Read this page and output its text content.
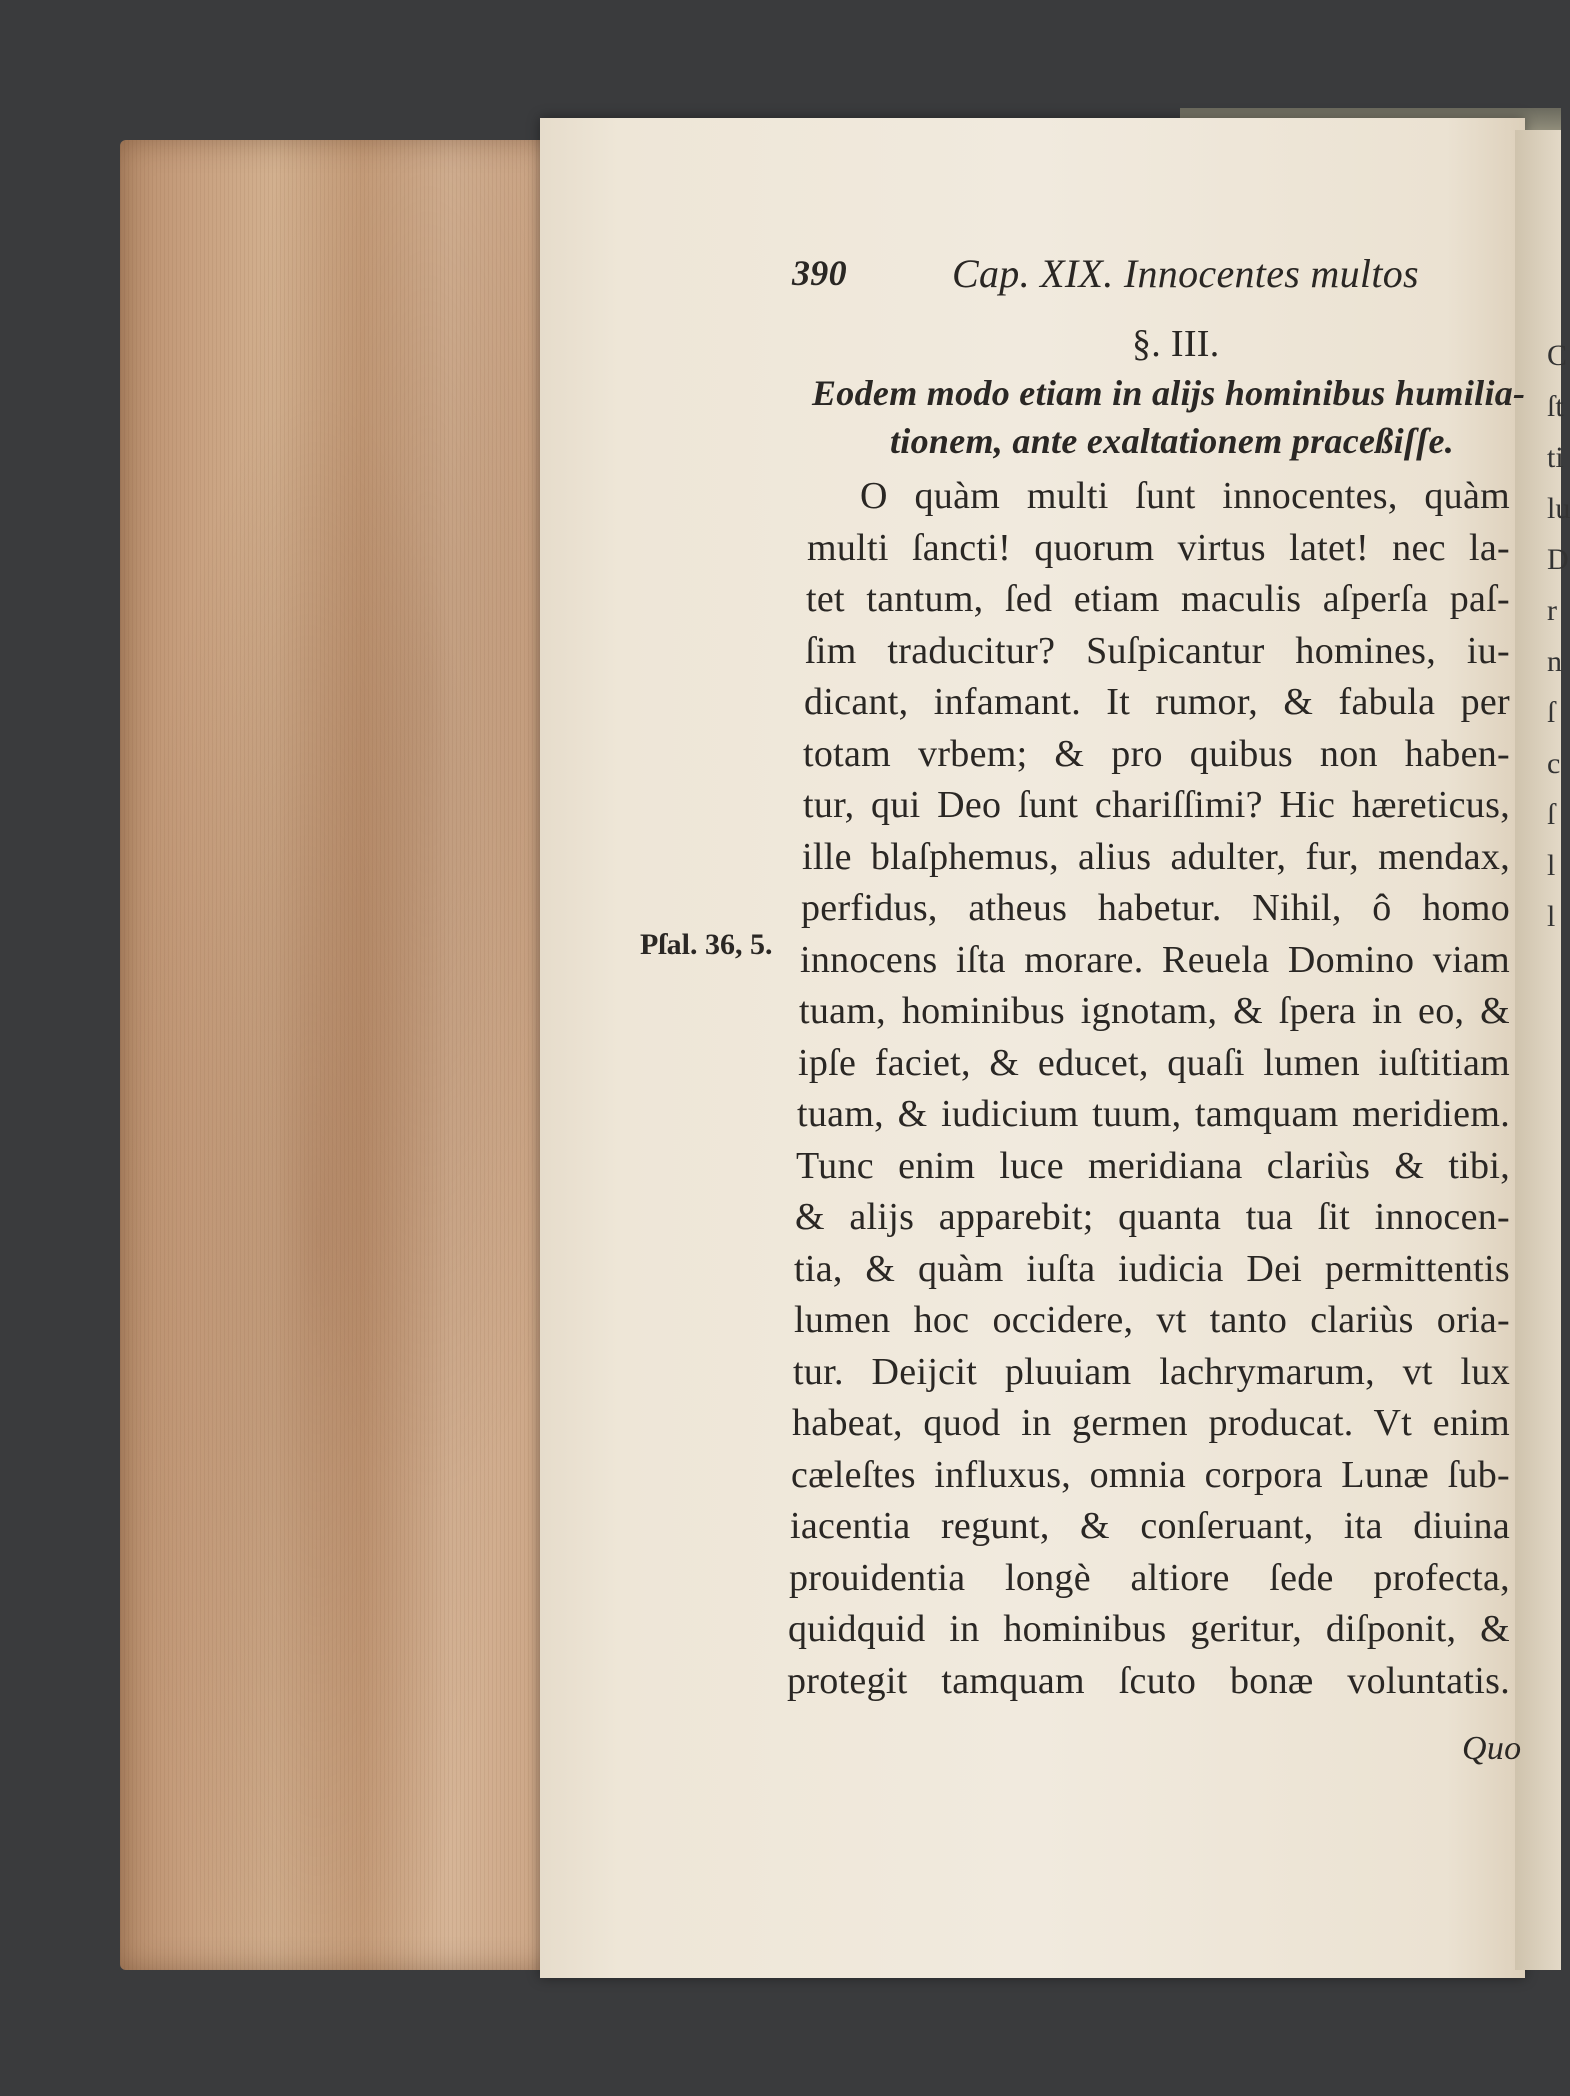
C
ſt
ti
lu
D
r
n
ſ
c
ſ
l
l
390	Cap. XIX. Innocentes multos
§. III.
Eodem modo etiam in alijs hominibus humilia-
tionem, ante exaltationem praceßiſſe.
O quàm multi ſunt innocentes, quàm
multi ſancti! quorum virtus latet! nec la-
tet tantum, ſed etiam maculis aſperſa paſ-
ſim traducitur? Suſpicantur homines, iu-
dicant, infamant. It rumor, & fabula per
totam vrbem; & pro quibus non haben-
tur, qui Deo ſunt chariſſimi? Hic hæreticus,
ille blaſphemus, alius adulter, fur, mendax,
perfidus, atheus habetur. Nihil, ô homo
innocens iſta morare. Reuela Domino viam
tuam, hominibus ignotam, & ſpera in eo, &
ipſe faciet, & educet, quaſi lumen iuſtitiam
tuam, & iudicium tuum, tamquam meridiem.
Tunc enim luce meridiana clariùs & tibi,
& alijs apparebit; quanta tua ſit innocen-
tia, & quàm iuſta iudicia Dei permittentis
lumen hoc occidere, vt tanto clariùs oria-
tur. Deijcit pluuiam lachrymarum, vt lux
habeat, quod in germen producat. Vt enim
cæleſtes influxus, omnia corpora Lunæ ſub-
iacentia regunt, & conſeruant, ita diuina
prouidentia longè altiore ſede profecta,
quidquid in hominibus geritur, diſponit, &
protegit tamquam ſcuto bonæ voluntatis.
Quo
Pſal. 36, 5.
